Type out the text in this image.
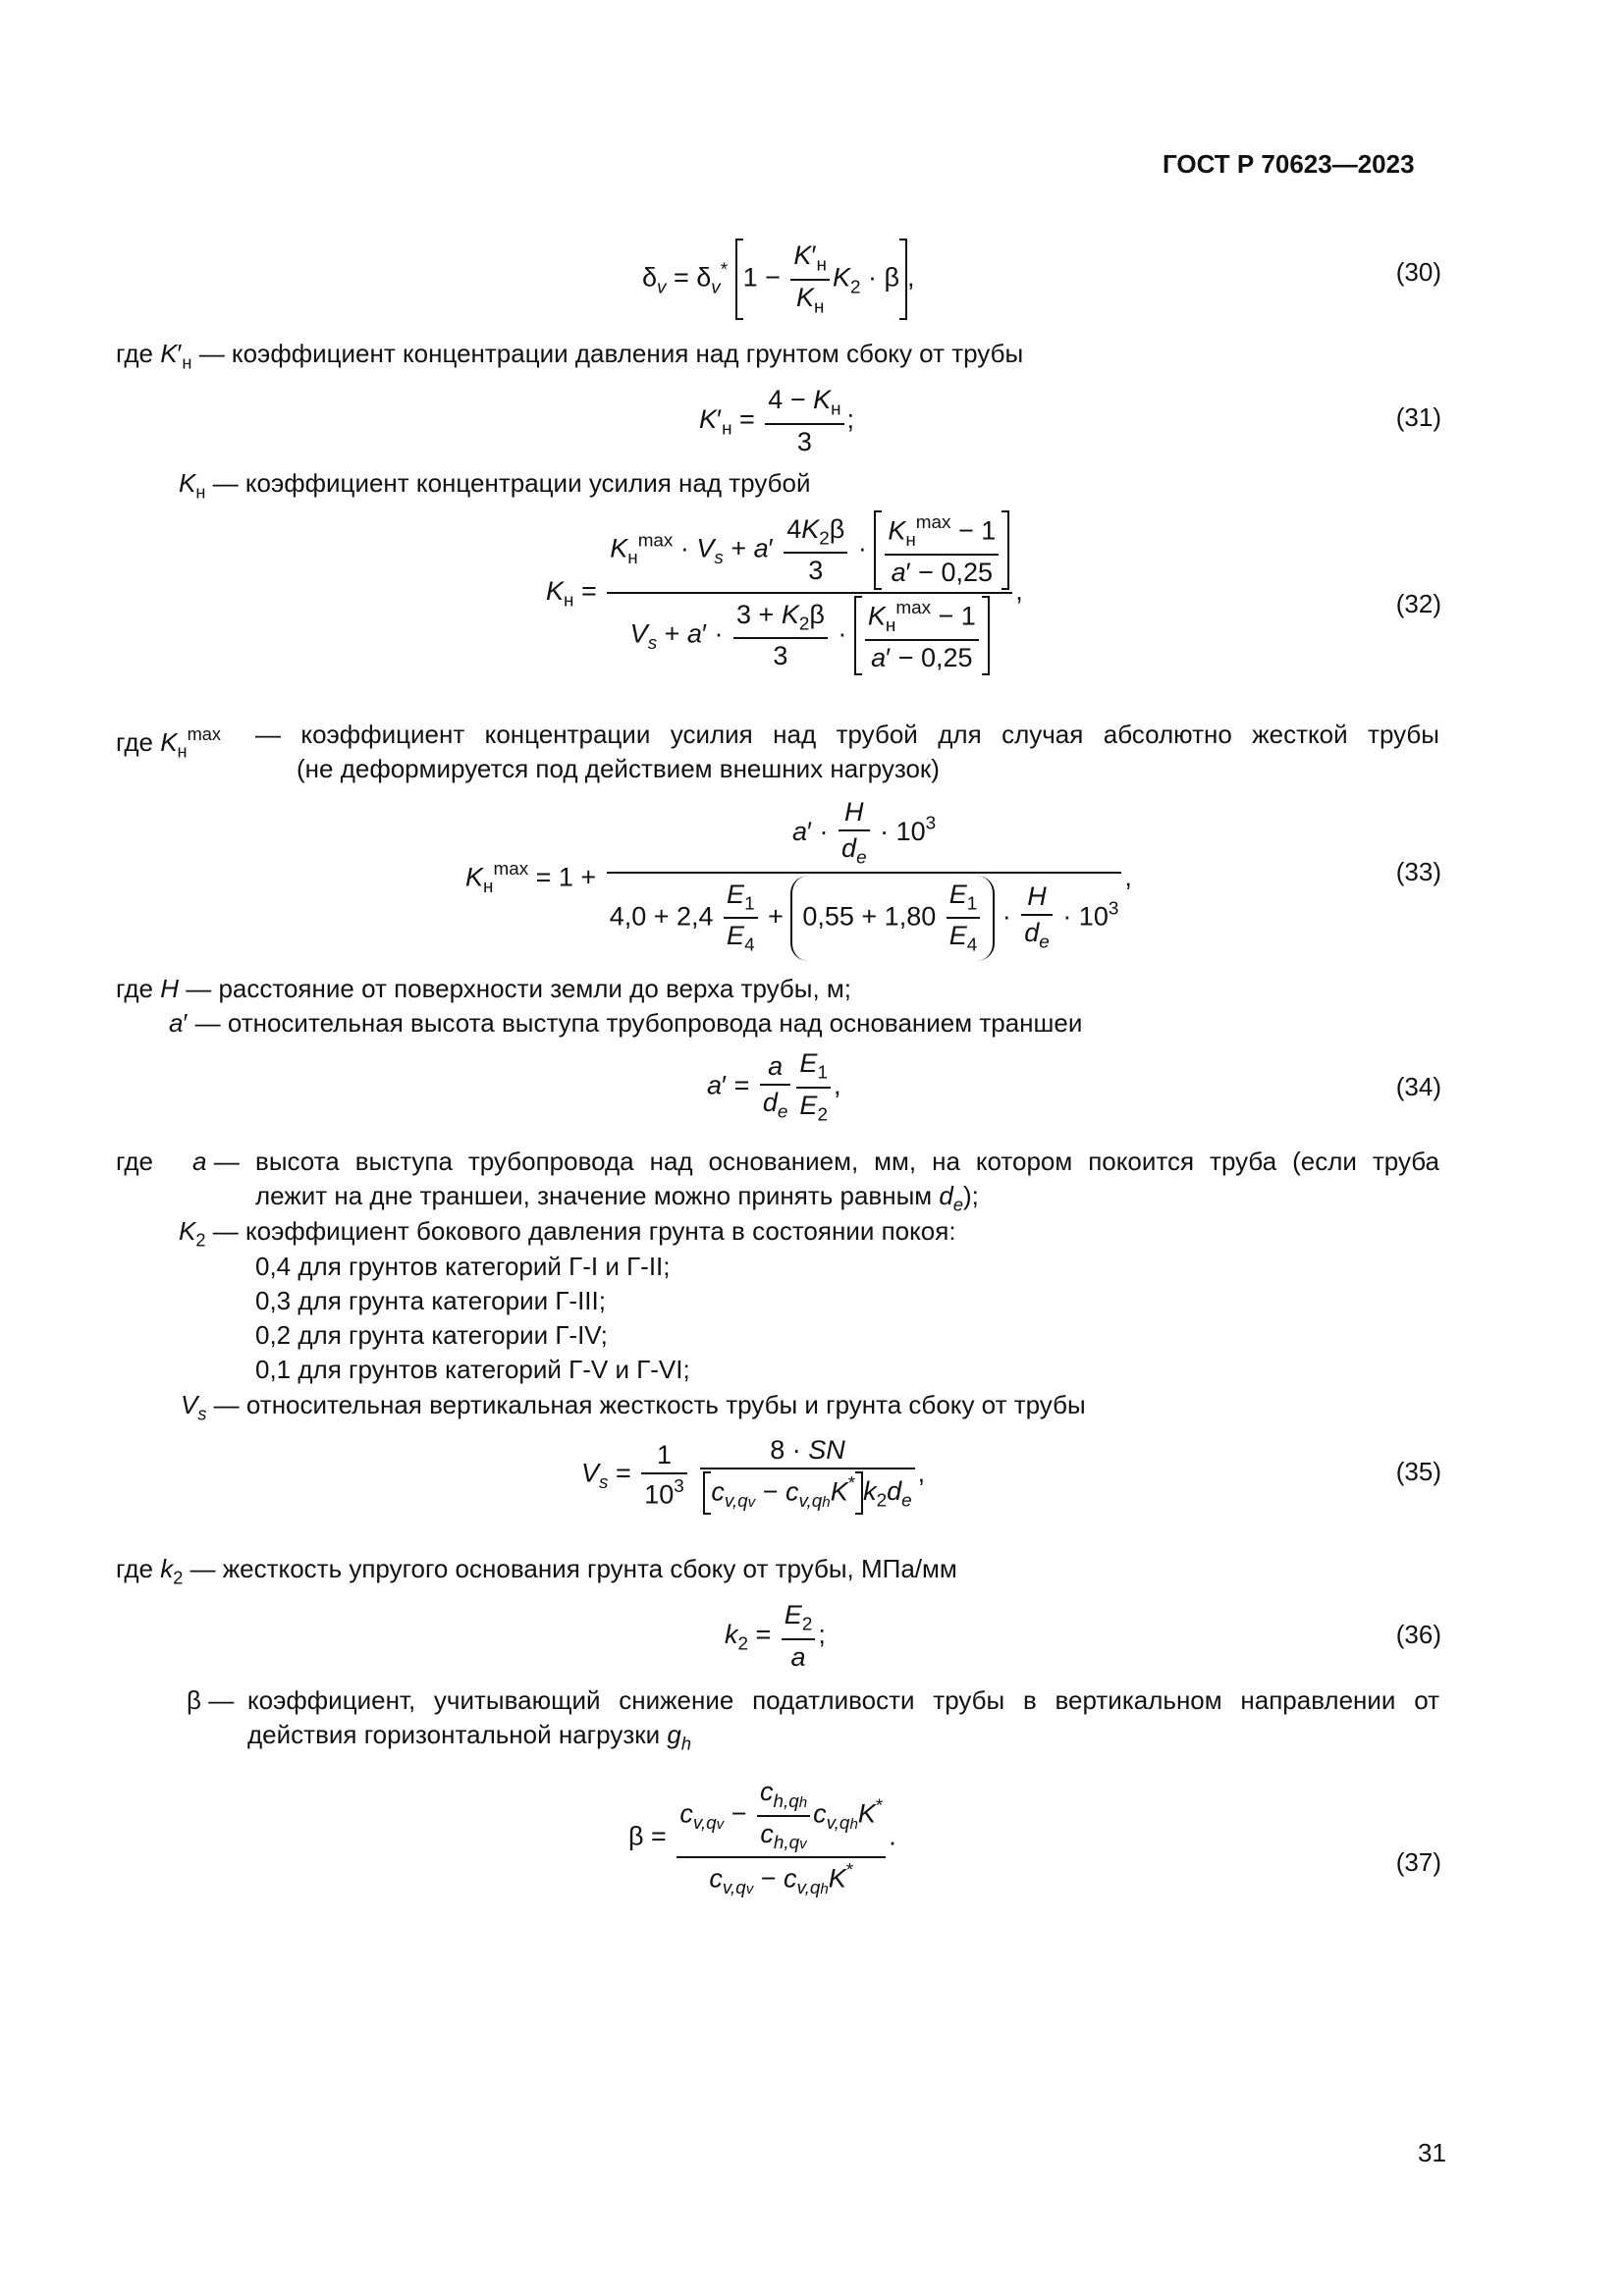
ГОСТ Р 70623—2023
$\delta_v = \delta_v^*$ $1 - \frac{K'_н}{K_н} K_2 \cdot \beta$ ,	(30)
где $K'_н$ — коэффициент концентрации давления над грунтом сбоку от трубы
$K'_н = \frac{4 - K_н}{3}$ ;	(31)
$K_н$ — коэффициент концентрации усилия над трубой
$K_н = \frac{K_н^{max} \cdot V_s + a' \frac{4K_2\beta}{3} \cdot \frac{K_н^{max} - 1}{a' - 0,25}}{V_s + a' \cdot \frac{3 + K_2\beta}{3} \cdot \frac{K_н^{max} - 1}{a' - 0,25}}$ ,	(32)
где $K_н^{max}$ — коэффициент концентрации усилия над трубой для случая абсолютно жесткой трубы
(не деформируется под действием внешних нагрузок)
$K_н^{max} = 1 + \frac{a' \cdot \frac{H}{d_e} \cdot 10^3}{4,0 + 2,4 \frac{E_1}{E_4} + 0,55 + 1,80 \frac{E_1}{E_4} \cdot \frac{H}{d_e} \cdot 10^3}$ ,	(33)
где H — расстояние от поверхности земли до верха трубы, м;
a′ — относительная высота выступа трубопровода над основанием траншеи
$a' = \frac{a}{d_e} \frac{E_1}{E_2}$ ,	(34)
где a — высота выступа трубопровода над основанием, мм, на котором покоится труба (если труба
лежит на дне траншеи, значение можно принять равным $d_e$);
$K_2$ — коэффициент бокового давления грунта в состоянии покоя:
0,4 для грунтов категорий Г-I и Г-II;
0,3 для грунта категории Г-III;
0,2 для грунта категории Г-IV;
0,1 для грунтов категорий Г-V и Г-VI;
$V_s$ — относительная вертикальная жесткость трубы и грунта сбоку от трубы
$V_s = \frac{1}{10^3}$
$\frac{8 \cdot SN}{c_{v,qv} - c_{v,qh}K^* k_2d_e}$ ,	(35)
где $k_2$ — жесткость упругого основания грунта сбоку от трубы, МПа/мм
$k_2 = \frac{E_2}{a}$ ;	(36)
β — коэффициент, учитывающий снижение податливости трубы в вертикальном направлении от
действия горизонтальной нагрузки $g_h$
$\beta = \frac{c_{v,qv} - \frac{c_{h,qh}}{c_{h,qv}} c_{v,qh}K^*}{c_{v,qv} - c_{v,qh}K^*}$ .
(37)
31
